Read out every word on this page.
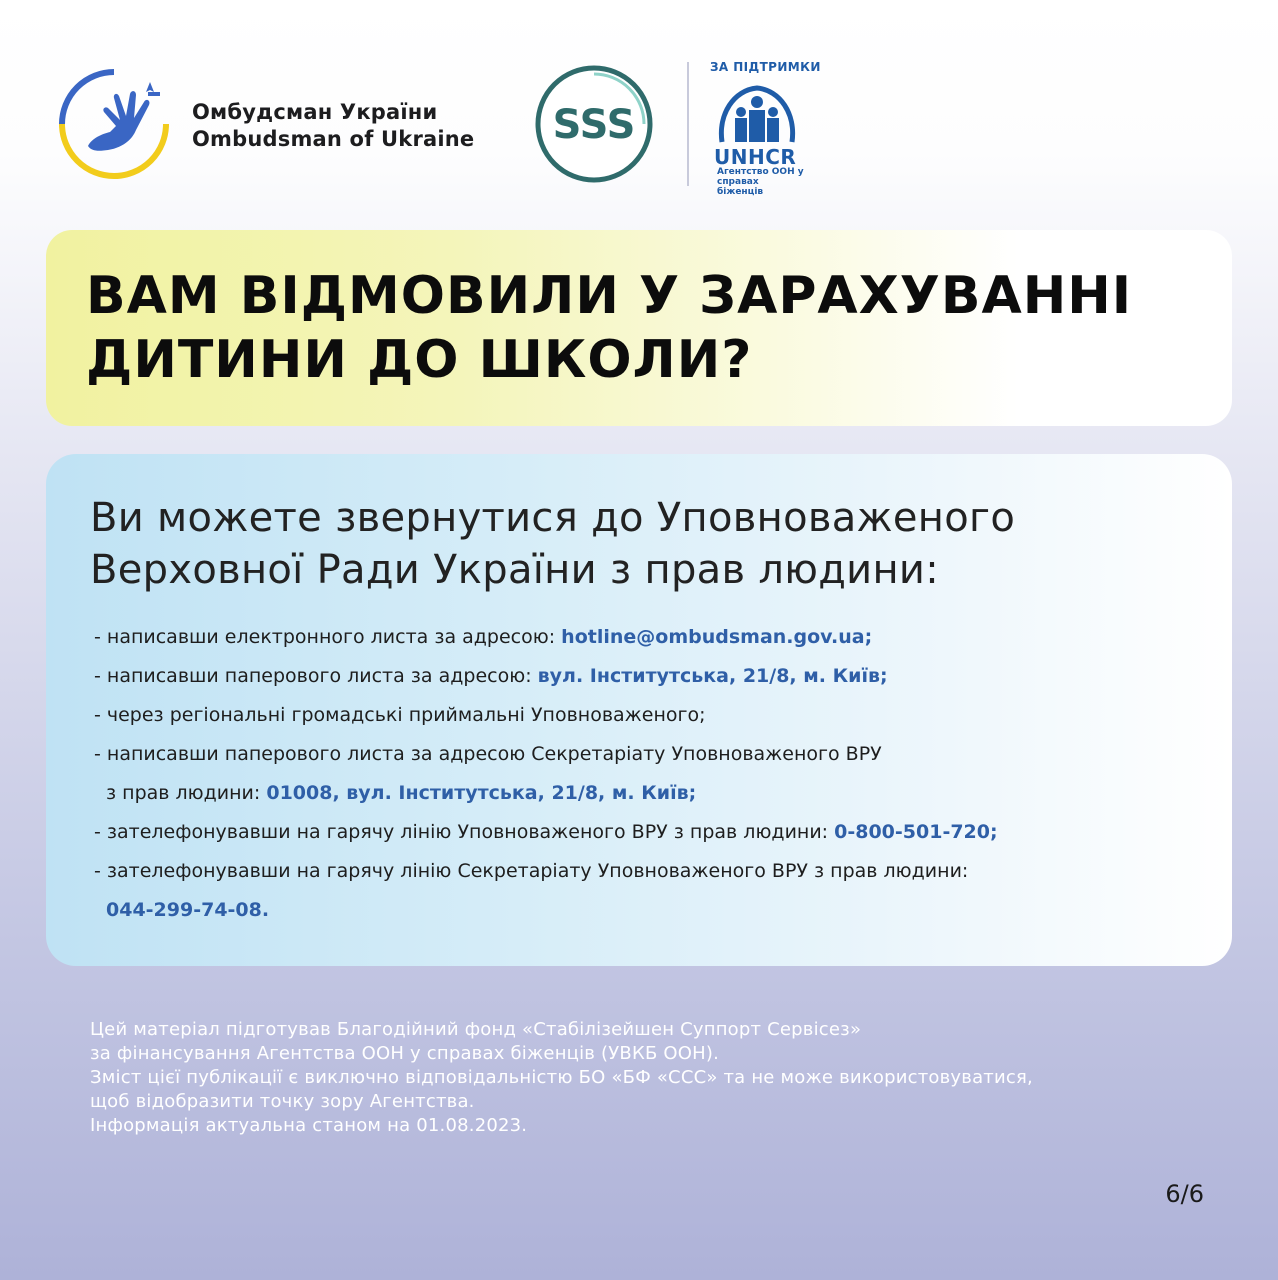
Омбудсман України
Ombudsman of Ukraine SSS
ЗА ПІДТРИМКИ
UNHCR
Агентство ООН у справах біженців
ВАМ ВІДМОВИЛИ У ЗАРАХУВАННІ
ДИТИНИ ДО ШКОЛИ?
Ви можете звернутися до Уповноваженого
Верховної Ради України з прав людини:
- написавши електронного листа за адресою: hotline@ombudsman.gov.ua;
- написавши паперового листа за адресою: вул. Інститутська, 21/8, м. Київ;
- через регіональні громадські приймальні Уповноваженого;
- написавши паперового листа за адресою Секретаріату Уповноваженого ВРУ
з прав людини: 01008, вул. Інститутська, 21/8, м. Київ;
- зателефонувавши на гарячу лінію Уповноваженого ВРУ з прав людини: 0-800-501-720;
- зателефонувавши на гарячу лінію Секретаріату Уповноваженого ВРУ з прав людини:
044-299-74-08.
Цей матеріал підготував Благодійний фонд «Стабілізейшен Суппорт Сервісез»
за фінансування Агентства ООН у справах біженців (УВКБ ООН).
Зміст цієї публікації є виключно відповідальністю БО «БФ «ССС» та не може використовуватися,
щоб відобразити точку зору Агентства.
Інформація актуальна станом на 01.08.2023.
6/6
